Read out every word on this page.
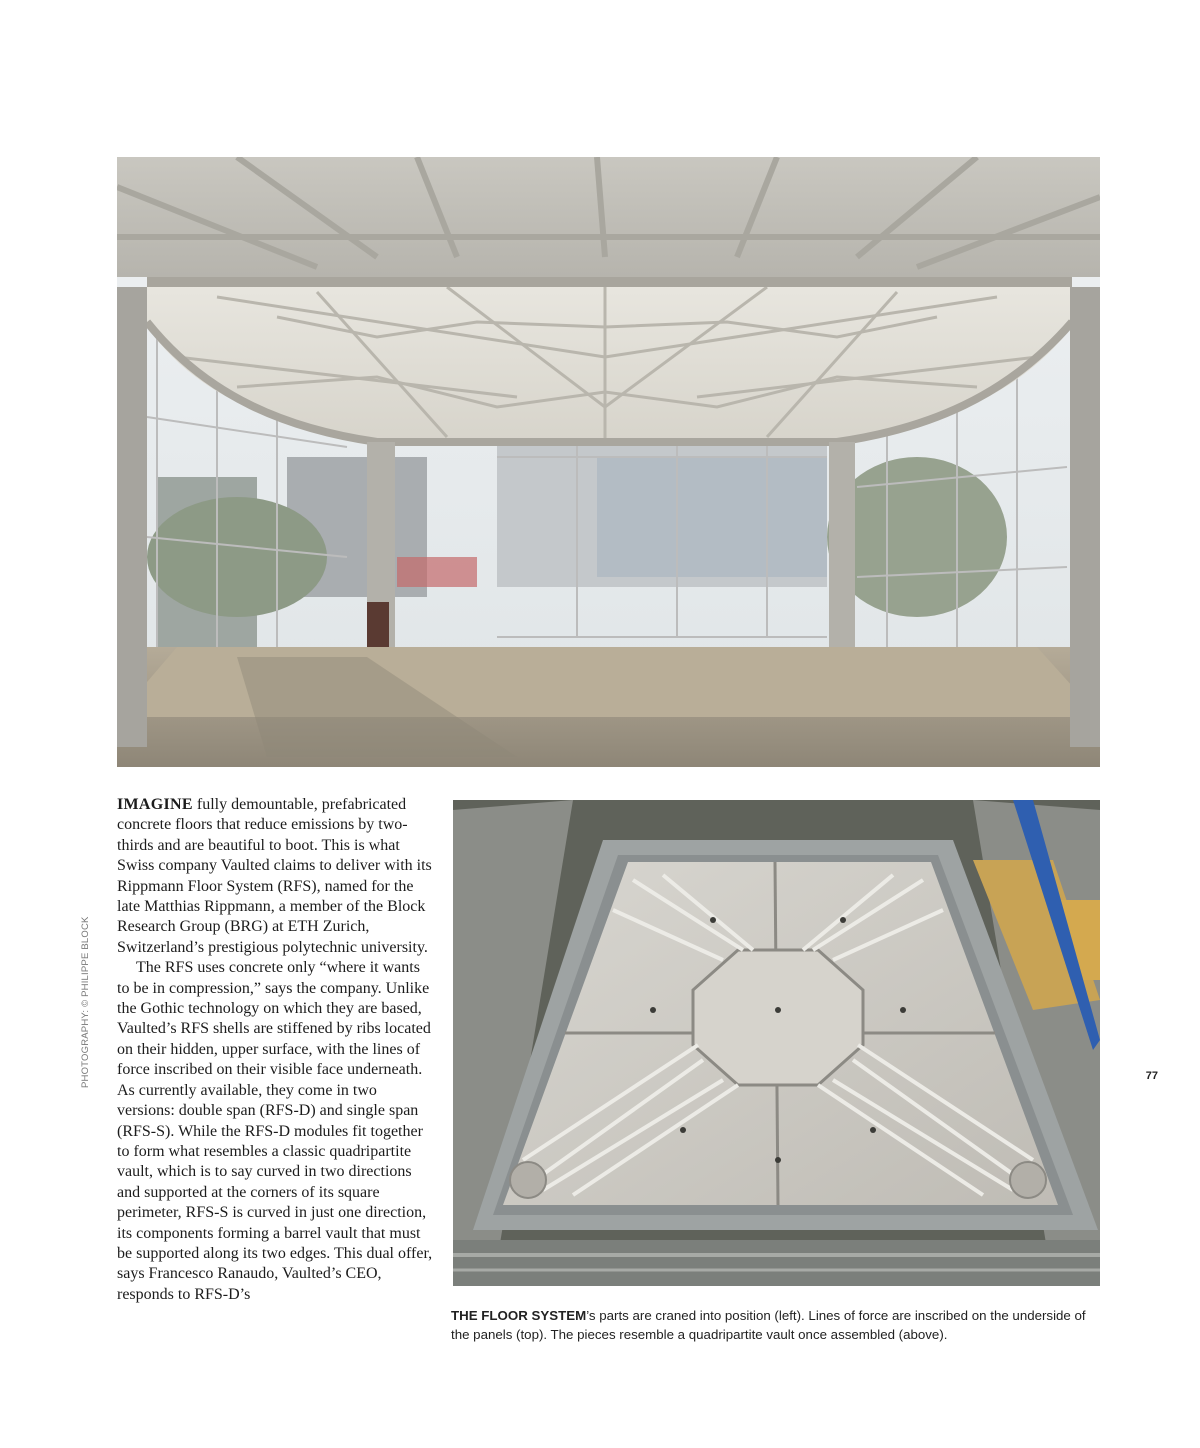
IMAGINE fully demountable, prefabricated concrete floors that reduce emissions by two-thirds and are beautiful to boot. This is what Swiss company Vaulted claims to deliver with its Rippmann Floor System (RFS), named for the late Matthias Rippmann, a member of the Block Research Group (BRG) at ETH Zurich, Switzerland’s prestigious polytechnic university.

The RFS uses concrete only “where it wants to be in compression,” says the company. Unlike the Gothic technology on which they are based, Vaulted’s RFS shells are stiffened by ribs located on their hidden, upper surface, with the lines of force inscribed on their visible face underneath. As currently available, they come in two versions: double span (RFS-D) and single span (RFS-S). While the RFS-D modules fit together to form what resembles a classic quadripartite vault, which is to say curved in two directions and supported at the corners of its square perimeter, RFS-S is curved in just one direction, its components forming a barrel vault that must be supported along its two edges. This dual offer, says Francesco Ranaudo, Vaulted’s CEO, responds to RFS-D’s

THE FLOOR SYSTEM’s parts are craned into position (left). Lines of force are inscribed on the underside of the panels (top). The pieces resemble a quadripartite vault once assembled (above).
PHOTOGRAPHY: © PHILIPPE BLOCK	77
